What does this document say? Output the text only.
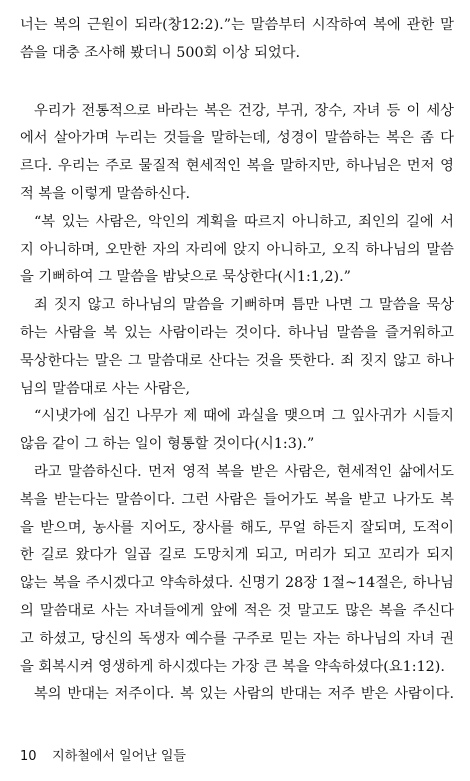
너는 복의 근원이 되라(창12:2).”는 말씀부터 시작하여 복에 관한 말
씀을 대충 조사해 봤더니 500회 이상 되었다.
우리가 전통적으로 바라는 복은 건강, 부귀, 장수, 자녀 등 이 세상
에서 살아가며 누리는 것들을 말하는데, 성경이 말씀하는 복은 좀 다
르다. 우리는 주로 물질적 현세적인 복을 말하지만, 하나님은 먼저 영
적 복을 이렇게 말씀하신다.
“복 있는 사람은, 악인의 계획을 따르지 아니하고, 죄인의 길에 서
지 아니하며, 오만한 자의 자리에 앉지 아니하고, 오직 하나님의 말씀
을 기뻐하여 그 말씀을 밤낮으로 묵상한다(시1:1,2).”
죄 짓지 않고 하나님의 말씀을 기뻐하며 틈만 나면 그 말씀을 묵상
하는 사람을 복 있는 사람이라는 것이다. 하나님 말씀을 즐거워하고
묵상한다는 말은 그 말씀대로 산다는 것을 뜻한다. 죄 짓지 않고 하나
님의 말씀대로 사는 사람은,
“시냇가에 심긴 나무가 제 때에 과실을 맺으며 그 잎사귀가 시들지
않음 같이 그 하는 일이 형통할 것이다(시1:3).”
라고 말씀하신다. 먼저 영적 복을 받은 사람은, 현세적인 삶에서도
복을 받는다는 말씀이다. 그런 사람은 들어가도 복을 받고 나가도 복
을 받으며, 농사를 지어도, 장사를 해도, 무얼 하든지 잘되며, 도적이
한 길로 왔다가 일곱 길로 도망치게 되고, 머리가 되고 꼬리가 되지
않는 복을 주시겠다고 약속하셨다. 신명기 28장 1절~14절은, 하나님
의 말씀대로 사는 자녀들에게 앞에 적은 것 말고도 많은 복을 주신다
고 하셨고, 당신의 독생자 예수를 구주로 믿는 자는 하나님의 자녀 권
을 회복시켜 영생하게 하시겠다는 가장 큰 복을 약속하셨다(요1:12).
복의 반대는 저주이다. 복 있는 사람의 반대는 저주 받은 사람이다.
10 지하철에서 일어난 일들
